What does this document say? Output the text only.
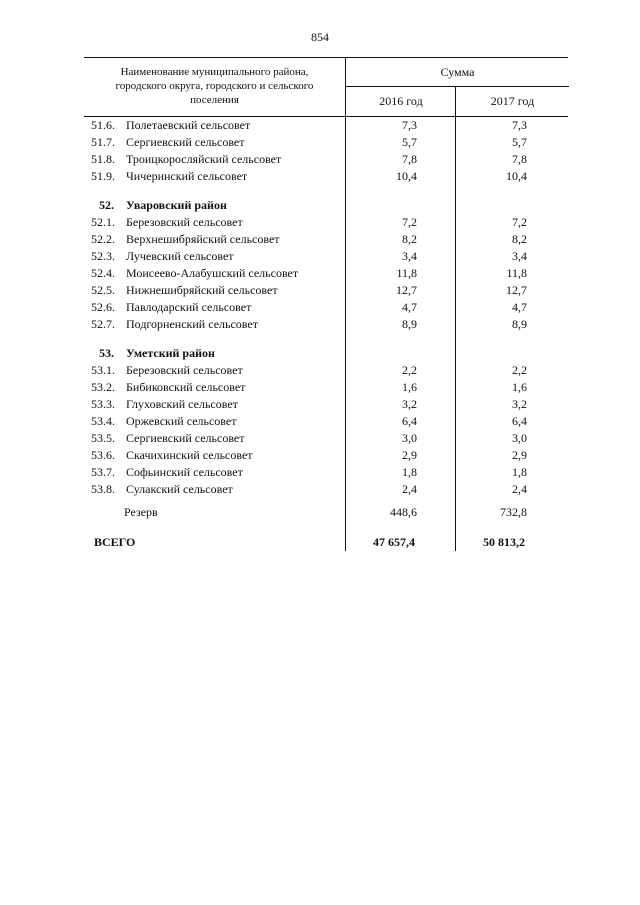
854
Наименование муниципального района,
городского округа, городского и сельского
поселения
Сумма
2016 год	2017 год
51.6. Полетаевский сельсовет	7,3	7,3
51.7. Сергиевский сельсовет	5,7	5,7
51.8. Троицкоросляйский сельсовет	7,8	7,8
51.9. Чичеринский сельсовет	10,4	10,4
52. Уваровский район
52.1. Березовский сельсовет	7,2	7,2
52.2. Верхнешибряйский сельсовет	8,2	8,2
52.3. Лучевский сельсовет	3,4	3,4
52.4. Моисеево-Алабушский сельсовет	11,8	11,8
52.5. Нижнешибряйский сельсовет	12,7	12,7
52.6. Павлодарский сельсовет	4,7	4,7
52.7. Подгорненский сельсовет	8,9	8,9
53. Уметский район
53.1. Березовский сельсовет	2,2	2,2
53.2. Бибиковский сельсовет	1,6	1,6
53.3. Глуховский сельсовет	3,2	3,2
53.4. Оржевский сельсовет	6,4	6,4
53.5. Сергиевский сельсовет	3,0	3,0
53.6. Скачихинский сельсовет	2,9	2,9
53.7. Софьинский сельсовет	1,8	1,8
53.8. Сулакский сельсовет	2,4	2,4
Резерв	448,6	732,8
ВСЕГО	47 657,4	50 813,2
